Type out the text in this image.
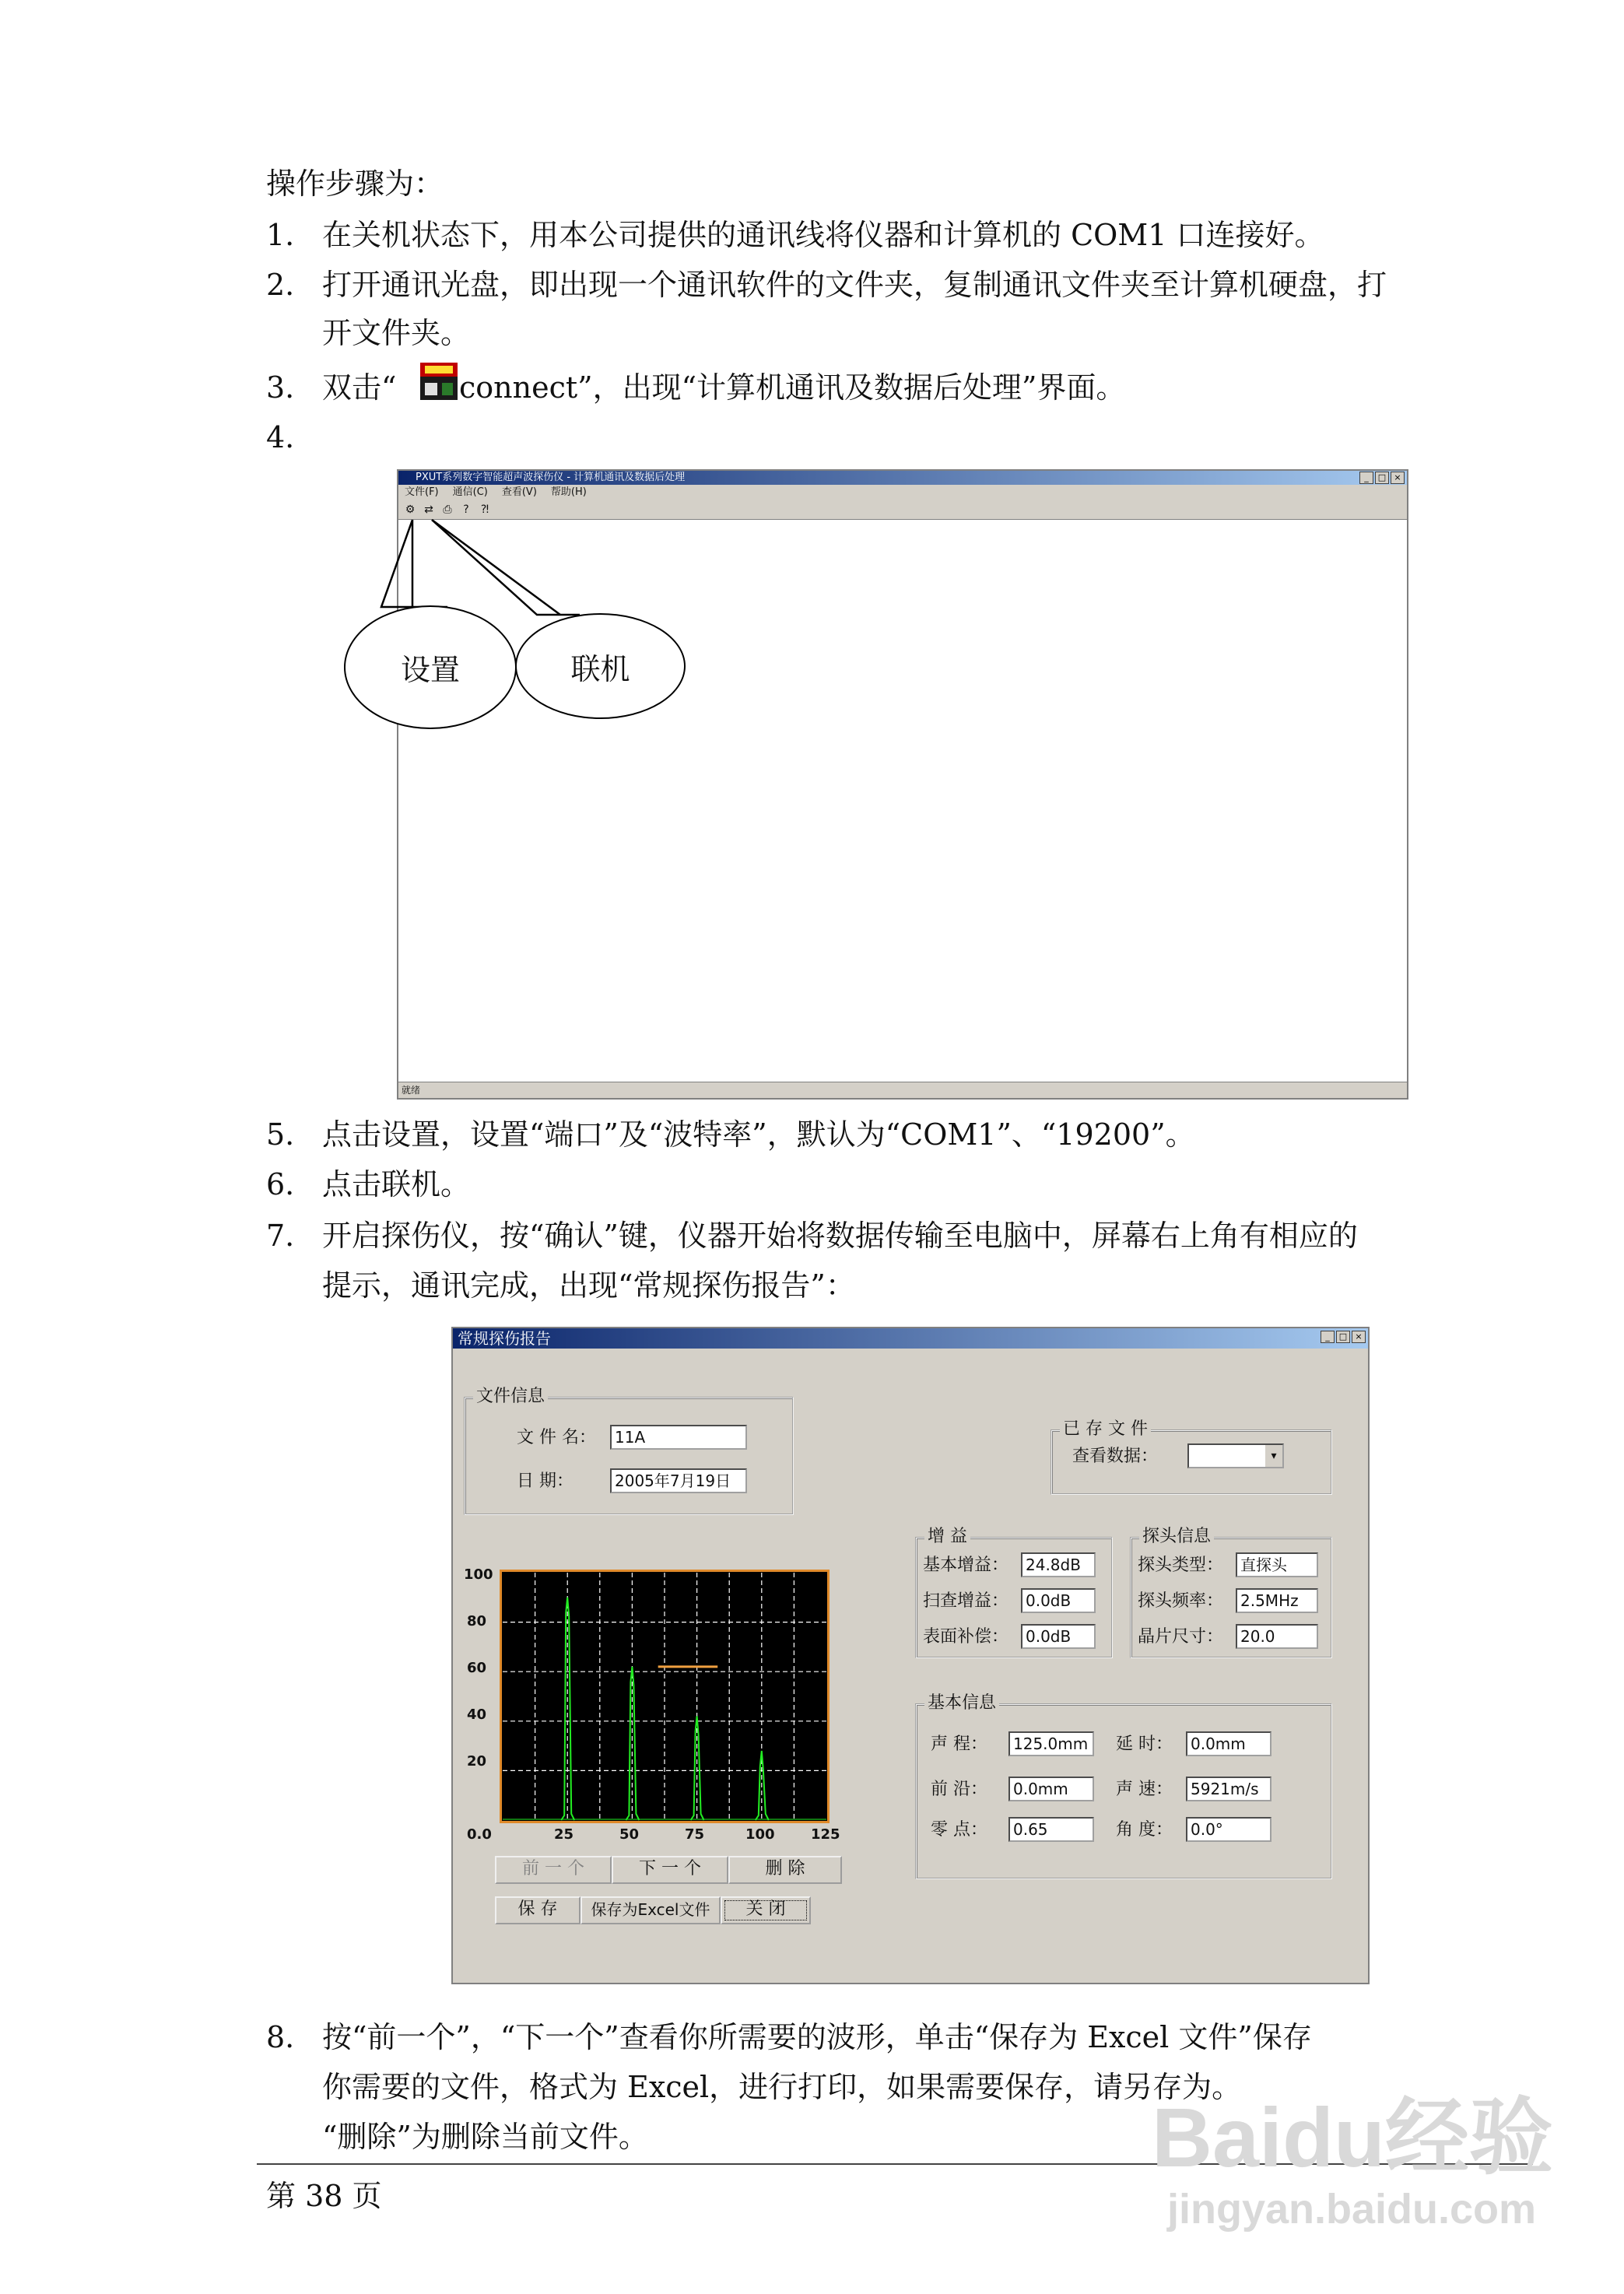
操作步骤为：
1. 在关机状态下，用本公司提供的通讯线将仪器和计算机的 COM1 口连接好。
2. 打开通讯光盘，即出现一个通讯软件的文件夹，复制通讯文件夹至计算机硬盘，打
开文件夹。
3. 双击“ connect”，出现“计算机通讯及数据后处理”界面。
4.
PXUT系列数字智能超声波探伤仪 - 计算机通讯及数据后处理	_	□ ×
文件(F) 通信(C) 查看(V) 帮助(H)
⚙ ⇄ ⎙	?	⁈
就绪
设置	联机
5. 点击设置，设置“端口”及“波特率”，默认为“COM1”、“19200”。
6. 点击联机。
7. 开启探伤仪，按“确认”键，仪器开始将数据传输至电脑中，屏幕右上角有相应的
提示，通讯完成，出现“常规探伤报告”：
常规探伤报告	_	□ ×
文件信息
文 件 名：	11A
日 期：	2005年7月19日
已 存 文 件
查看数据：	▾
增 益
基本增益：	24.8dB
扫查增益：	0.0dB
表面补偿：	0.0dB
探头信息
探头类型：	直探头
探头频率：	2.5MHz
晶片尺寸：	20.0
基本信息
声 程：	125.0mm	延 时：	0.0mm
前 沿：	0.0mm	声 速：	5921m/s
零 点：	0.65	角 度：	0.0°
100
80
60
40
20
0.0	25	50	75	100	125
前 一 个	下 一 个	删 除
保 存	保存为Excel文件	关 闭
8. 按“前一个”，“下一个”查看你所需要的波形，单击“保存为 Excel 文件”保存
你需要的文件，格式为 Excel，进行打印，如果需要保存，请另存为。
“删除”为删除当前文件。
第 38 页
Baidu经验
jingyan.baidu.com
